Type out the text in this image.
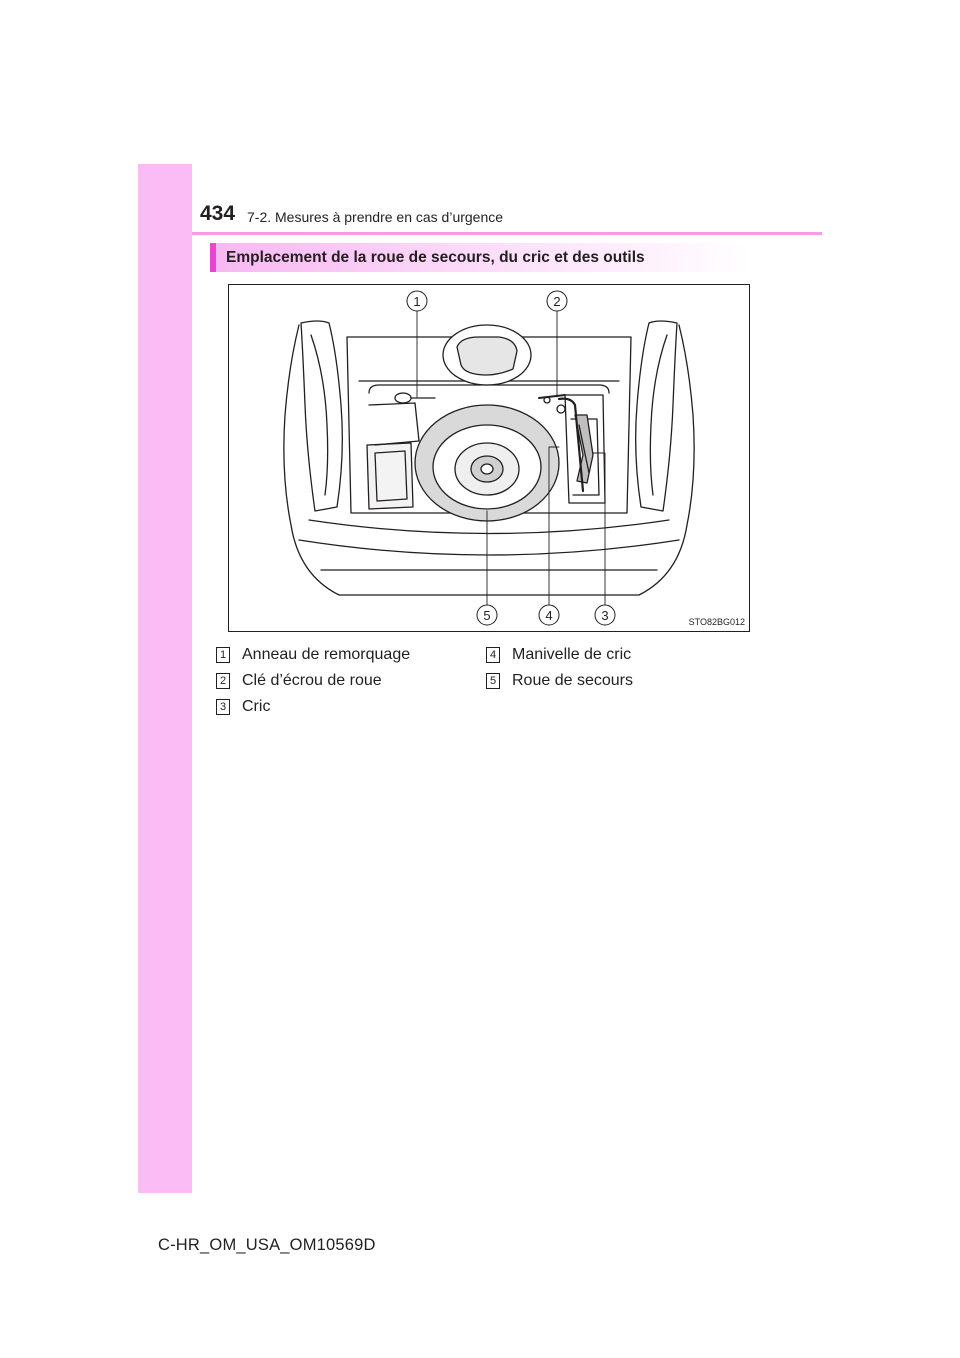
434 7-2. Mesures à prendre en cas d’urgence
Emplacement de la roue de secours, du cric et des outils
1	2
3
4
5	STO82BG012
1 Anneau de remorquage
2 Clé d’écrou de roue
3 Cric
4 Manivelle de cric
5 Roue de secours
C-HR_OM_USA_OM10569D
